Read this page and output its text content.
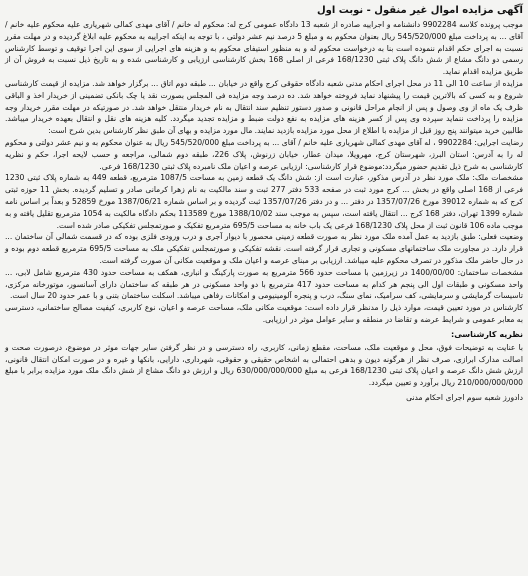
آگهی مزایده اموال غیر منقول - نوبت اول

موجب پرونده کلاسه 9902284 دانشنامه و اجراییه صادره از شعبه 13 دادگاه عمومی کرج له: محکوم له خانم / آقای مهدی کمالی شهریاری علیه محکوم علیه خانم / آقای ... به پرداخت مبلغ 545/520/000 ریال بعنوان محکوم به و مبلغ 5 درصد نیم عشر دولتی ، با توجه به اینکه اجراییه به محکوم علیه ابلاغ گردیده و در مهلت مقرر نسبت به اجرای حکم اقدام ننموده است بنا به درخواست محکوم له و به منظور استیفای محکوم به و هزینه های اجرایی از سوی این اجرا توقیف و توسط کارشناس رسمی دو دانگ مشاع از شش دانگ پلاک ثبتی 168/1230 فرعی از اصلی 168 بخش کارشناسی ارزیابی و کارشناسی شده و به تاریخ ذیل نسبت به فروش آن از طریق مزایده اقدام نماید.

مزایده از ساعت 10 الی 11 در محل اجرای احکام مدنی شعبه دادگاه حقوقی کرج واقع در خیابان ... طبقه دوم اتاق ... برگزار خواهد شد. مزایده از قیمت کارشناسی شروع و به کسی که بالاترین قیمت را پیشنهاد نماید فروخته خواهد شد. ده درصد وجه مزایده فی المجلس بصورت نقد یا چک بانکی تضمینی از خریدار اخذ و الباقی ظرف یک ماه از وی وصول و پس از انجام مراحل قانونی و صدور دستور تنظیم سند انتقال به نام خریدار منتقل خواهد شد. در صورتیکه در مهلت مقرر خریدار وجه مزایده را پرداخت ننماید سپرده وی پس از کسر هزینه های مزایده به نفع دولت ضبط و مزایده تجدید میگردد. کلیه هزینه های نقل و انتقال بعهده خریدار میباشد. طالبین خرید میتوانند پنج روز قبل از مزایده با اطلاع از محل مورد مزایده بازدید نمایند. مال مورد مزایده و بهای آن طبق نظر کارشناس بدین شرح است:

رضایت اجرایی: 9902284 ، له آقای مهدی کمالی شهریاری علیه خانم / آقای ... به پرداخت مبلغ 545/520/000 ریال به عنوان محکوم به و نیم عشر دولتی و محکوم له را به آدرس: استان البرز، شهرستان کرج، مهرویلا، میدان عطار، خیابان زرنوش، پلاک 226، طبقه دوم شمالی، مراجعه و حسب لایحه اجرا، حکم و نظریه کارشناسی به شرح ذیل تقدیم حضور میگردد:موضوع قرار کارشناسی: ارزیابی عرصه و اعیان ملک نامبرده پلاک ثبتی 168/1230 فرعی.

مشخصات ملک: ملک مورد نظر در آدرس مذکور، عبارت است از: شش دانگ یک قطعه زمین به مساحت 1087/5 مترمربع، قطعه 449 به شماره پلاک ثبتی 1230 فرعی از 168 اصلی واقع در بخش ... کرج مورد ثبت در صفحه 533 دفتر 277 ثبت و سند مالکیت به نام زهرا کرمانی صادر و تسلیم گردیده. بخش 11 حوزه ثبتی کرج که به شماره 39012 مورخ 1357/07/26 در دفتر ... و در دفتر 1357/07/26 ثبت گردیده و بر اساس شماره 1387/06/21 مورخ 52859 و بعداً بر اساس نامه شماره 1399 تهران، دفتر 168 کرج ... انتقال یافته است، سپس به موجب سند 1388/10/02 مورخ 113589 بحکم دادگاه مالکیت به 1054 مترمربع تقلیل یافته و به موجب ماده 106 قانون ثبت از محل پلاک 168/1230 فرعی یک باب خانه به مساحت 695/5 مترمربع تفکیک و صورتمجلس تفکیکی صادر شده است.

وضعیت فعلی: طبق بازدید به عمل آمده ملک مورد نظر به صورت قطعه زمینی محصور با دیوار آجری و درب ورودی فلزی بوده که در قسمت شمالی آن ساختمان ... قرار دارد. در مجاورت ملک ساختمانهای مسکونی و تجاری قرار گرفته است. نقشه تفکیکی و صورتمجلس تفکیکی ملک به مساحت 695/5 مترمربع قطعه دوم بوده و در حال حاضر ملک مذکور در تصرف محکوم علیه میباشد. ارزیابی بر مبنای عرصه و اعیان ملک و موقعیت مکانی آن صورت گرفته است.

مشخصات ساختمان: 1400/00/00 در زیرزمین با مساحت حدود 566 مترمربع به صورت پارکینگ و انباری، همکف به مساحت حدود 430 مترمربع شامل لابی، ... واحد مسکونی و طبقات اول الی پنجم هر کدام به مساحت حدود 417 مترمربع با دو واحد مسکونی در هر طبقه که ساختمان دارای آسانسور، موتورخانه مرکزی، تاسیسات گرمایشی و سرمایشی، کف سرامیک، نمای سنگ، درب و پنجره آلومینیومی و امکانات رفاهی میباشد. اسکلت ساختمان بتنی و با عمر حدود 20 سال است.

کارشناس در مورد تعیین قیمت، موارد ذیل را مدنظر قرار داده است: موقعیت مکانی ملک، مساحت عرصه و اعیان، نوع کاربری، کیفیت مصالح ساختمانی، دسترسی به معابر عمومی و شرایط عرضه و تقاضا در منطقه و سایر عوامل موثر در ارزیابی.

نظریه کارشناسی:

با عنایت به توضیحات فوق، محل و موقعیت ملک، مساحت، مقطع زمانی، کاربری، راه دسترسی و در نظر گرفتن سایر جهات موثر در موضوع، درصورت صحت و اصالت مدارک ابرازی، صرف نظر از هرگونه دیون و بدهی احتمالی به اشخاص حقیقی و حقوقی، شهرداری، دارایی، بانکها و غیره و در صورت امکان انتقال قانونی، ارزش شش دانگ عرصه و اعیان پلاک ثبتی 168/1230 فرعی به مبلغ 630/000/000/000 ریال و ارزش دو دانگ مشاع از شش دانگ ملک مورد مزایده برابر با مبلغ 210/000/000/000 ریال برآورد و تعیین میگردد.

دادورز شعبه سوم اجرای احکام مدنی
